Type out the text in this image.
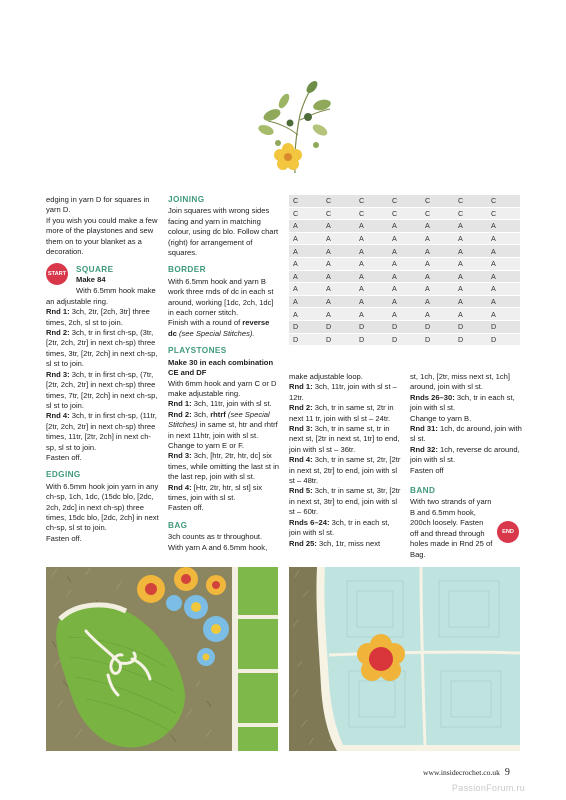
edging in yarn D for squares in yarn D.

If you wish you could make a few more of the playstones and sew them on to your blanket as a decoration.

START SQUARE

Make 84

With 6.5mm hook make an adjustable ring.

Rnd 1: 3ch, 2tr, [2ch, 3tr] three times, 2ch, sl st to join.

Rnd 2: 3ch, tr in first ch-sp, (3tr, [2tr, 2ch, 2tr] in next ch-sp) three times, 3tr, [2tr, 2ch] in next ch-sp, sl st to join.

Rnd 3: 3ch, tr in first ch-sp, (7tr, [2tr, 2ch, 2tr] in next ch-sp) three times, 7tr, [2tr, 2ch] in next ch-sp, sl st to join.

Rnd 4: 3ch, tr in first ch-sp, (11tr, [2tr, 2ch, 2tr] in next ch-sp) three times, 11tr, [2tr, 2ch] in next ch-sp, sl st to join.

Fasten off.

EDGING

With 6.5mm hook join yarn in any ch-sp, 1ch, 1dc, (15dc blo, [2dc, 2ch, 2dc] in next ch-sp) three times, 15dc blo, [2dc, 2ch] in next ch-sp, sl st to join.

Fasten off.

JOINING

Join squares with wrong sides facing and yarn in matching colour, using dc blo. Follow chart (right) for arrangement of squares.

BORDER

With 6.5mm hook and yarn B work three rnds of dc in each st around, working [1dc, 2ch, 1dc] in each corner stitch.

Finish with a round of reverse dc (see Special Stitches).

PLAYSTONES

Make 30 in each combination CE and DF

With 6mm hook and yarn C or D make adjustable ring.

Rnd 1: 3ch, 11tr, join with sl st.

Rnd 2: 3ch, rhtrf (see Special Stitches) in same st, htr and rhtrf in next 11htr, join with sl st. Change to yarn E or F.

Rnd 3: 3ch, [htr, 2tr, htr, dc] six times, while omitting the last st in the last rep, join with sl st.

Rnd 4: [Htr, 2tr, htr, sl st] six times, join with sl st.

Fasten off.

BAG

3ch counts as tr throughout.

With yarn A and 6.5mm hook,

C	C	C	C	C	C	C
C	C	C	C	C	C	C
A	A	A	A	A	A	A
A	A	A	A	A	A	A
A	A	A	A	A	A	A
A	A	A	A	A	A	A
A	A	A	A	A	A	A
A	A	A	A	A	A	A
A	A	A	A	A	A	A
A	A	A	A	A	A	A
D	D	D	D	D	D	D
D	D	D	D	D	D	D

make adjustable loop.

Rnd 1: 3ch, 11tr, join with sl st – 12tr.

Rnd 2: 3ch, tr in same st, 2tr in next 11 tr, join with sl st – 24tr.

Rnd 3: 3ch, tr in same st, tr in next st, [2tr in next st, 1tr] to end, join with sl st – 36tr.

Rnd 4: 3ch, tr in same st, 2tr, [2tr in next st, 2tr] to end, join with sl st – 48tr.

Rnd 5: 3ch, tr in same st, 3tr, [2tr in next st, 3tr] to end, join with sl st – 60tr.

Rnds 6–24: 3ch, tr in each st, join with sl st.

Rnd 25: 3ch, 1tr, miss next

st, 1ch, [2tr, miss next st, 1ch] around, join with sl st.

Rnds 26–30: 3ch, tr in each st, join with sl st.

Change to yarn B.

Rnd 31: 1ch, dc around, join with sl st.

Rnd 32: 1ch, reverse dc around, join with sl st.

Fasten off

BAND

With two strands of yarn B and 6.5mm hook, 200ch loosely. Fasten off and thread through holes made in Rnd 25 of Bag.

END
www.insidecrochet.co.uk 9
PassionForum.ru
